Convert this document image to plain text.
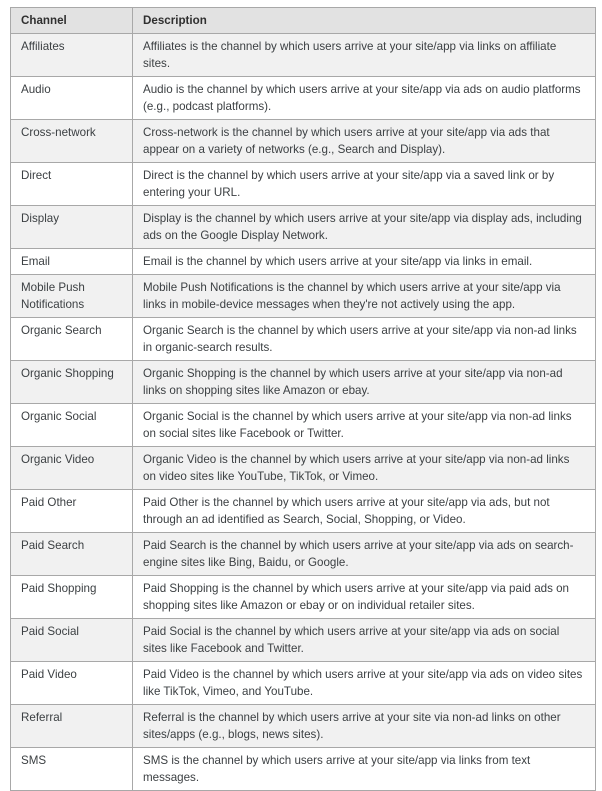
Channel	Description
Affiliates	Affiliates is the channel by which users arrive at your site/app via links on affiliate sites.
Audio	Audio is the channel by which users arrive at your site/app via ads on audio platforms (e.g., podcast platforms).
Cross-network	Cross-network is the channel by which users arrive at your site/app via ads that appear on a variety of networks (e.g., Search and Display).
Direct	Direct is the channel by which users arrive at your site/app via a saved link or by entering your URL.
Display	Display is the channel by which users arrive at your site/app via display ads, including ads on the Google Display Network.
Email	Email is the channel by which users arrive at your site/app via links in email.
Mobile Push Notifications	Mobile Push Notifications is the channel by which users arrive at your site/app via links in mobile-device messages when they're not actively using the app.
Organic Search	Organic Search is the channel by which users arrive at your site/app via non-ad links in organic-search results.
Organic Shopping	Organic Shopping is the channel by which users arrive at your site/app via non-ad links on shopping sites like Amazon or ebay.
Organic Social	Organic Social is the channel by which users arrive at your site/app via non-ad links on social sites like Facebook or Twitter.
Organic Video	Organic Video is the channel by which users arrive at your site/app via non-ad links on video sites like YouTube, TikTok, or Vimeo.
Paid Other	Paid Other is the channel by which users arrive at your site/app via ads, but not through an ad identified as Search, Social, Shopping, or Video.
Paid Search	Paid Search is the channel by which users arrive at your site/app via ads on search-engine sites like Bing, Baidu, or Google.
Paid Shopping	Paid Shopping is the channel by which users arrive at your site/app via paid ads on shopping sites like Amazon or ebay or on individual retailer sites.
Paid Social	Paid Social is the channel by which users arrive at your site/app via ads on social sites like Facebook and Twitter.
Paid Video	Paid Video is the channel by which users arrive at your site/app via ads on video sites like TikTok, Vimeo, and YouTube.
Referral	Referral is the channel by which users arrive at your site via non-ad links on other sites/apps (e.g., blogs, news sites).
SMS	SMS is the channel by which users arrive at your site/app via links from text messages.
